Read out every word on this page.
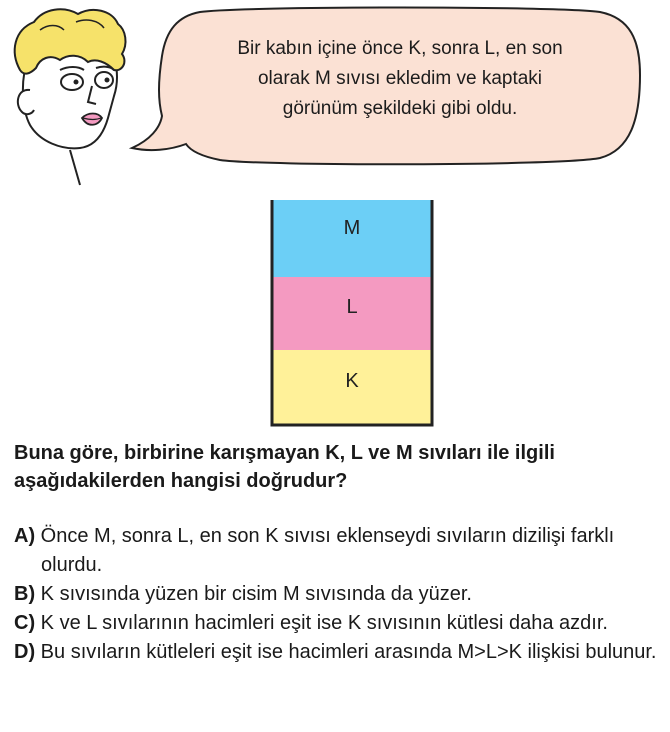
Bir kabın içine önce K, sonra L, en son
olarak M sıvısı ekledim ve kaptaki
görünüm şekildeki gibi oldu.
M
L
K
Buna göre, birbirine karışmayan K, L ve M sıvıları ile ilgili aşağıdakilerden hangisi doğrudur?
A) Önce M, sonra L, en son K sıvısı eklenseydi sıvıların dizilişi farklı olurdu.
B) K sıvısında yüzen bir cisim M sıvısında da yüzer.
C) K ve L sıvılarının hacimleri eşit ise K sıvısının kütlesi daha azdır.
D) Bu sıvıların kütleleri eşit ise hacimleri arasında M>L>K ilişkisi bulunur.
